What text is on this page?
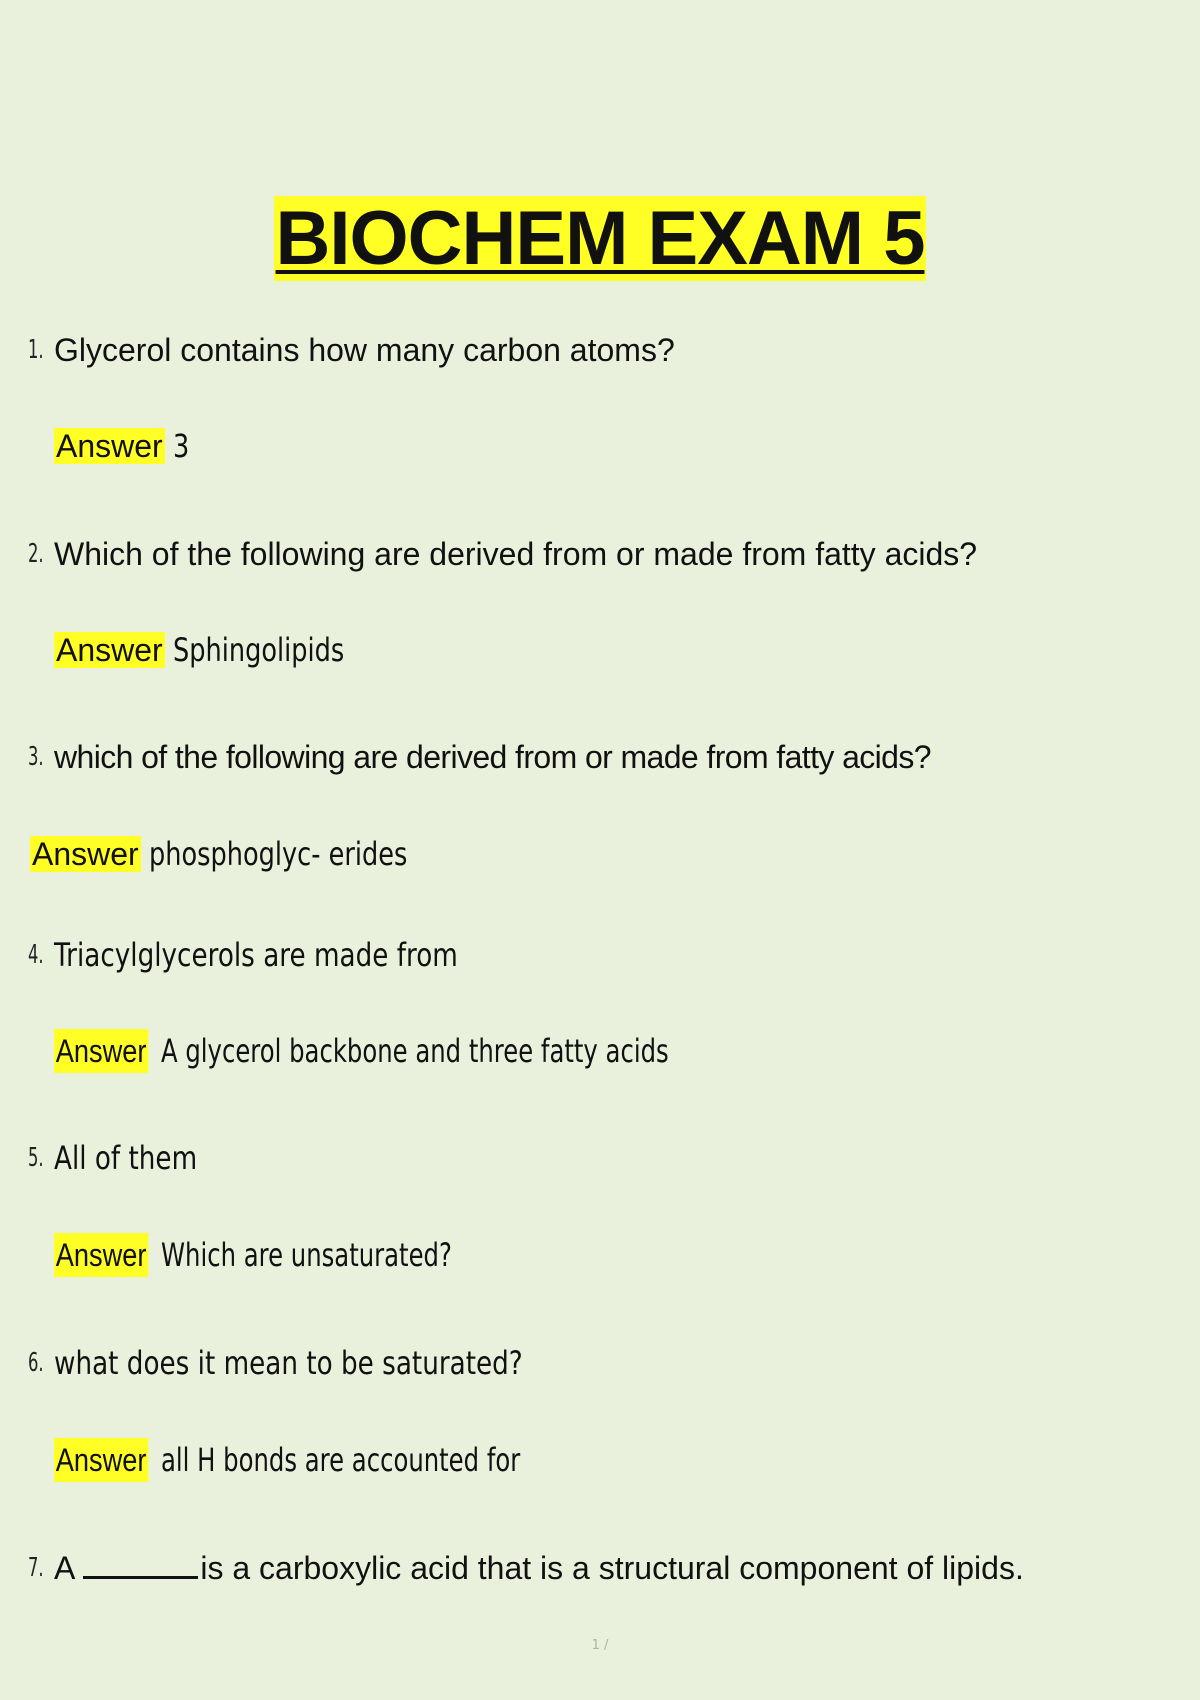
BIOCHEM EXAM 5
1. Glycerol contains how many carbon atoms?
Answer 3
2. Which of the following are derived from or made from fatty acids?
Answer Sphingolipids
3. which of the following are derived from or made from fatty acids?
Answer phosphoglyc- erides
4. Triacylglycerols are made from
Answer A glycerol backbone and three fatty acids
5. All of them
Answer Which are unsaturated?
6. what does it mean to be saturated?
Answer all H bonds are accounted for
7. A	is a carboxylic acid that is a structural component of lipids.
1 /
